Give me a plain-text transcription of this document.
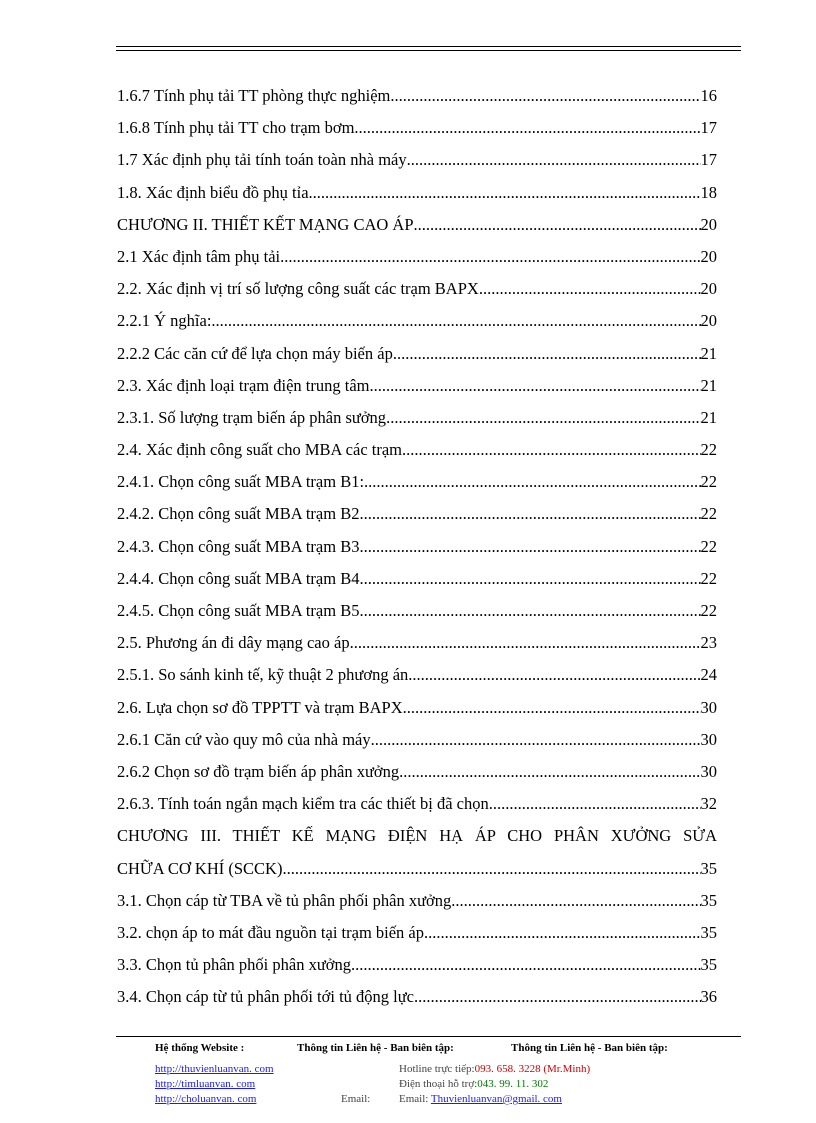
1.6.7 Tính phụ tải TT phòng thực nghiệm .....	16
1.6.8 Tính phụ tải TT cho trạm bơm .....	17
1.7 Xác định phụ tải tính toán toàn nhà máy .....	17
1.8. Xác định biểu đồ phụ tỉa .....	18
CHƯƠNG II. THIẾT KẾT MẠNG CAO ÁP .....	20
2.1 Xác định tâm phụ tải .....	20
2.2. Xác định vị trí số lượng công suất các trạm BAPX .....	20
2.2.1 Ý nghĩa: .....	20
2.2.2 Các căn cứ để lựa chọn máy biến áp .....	21
2.3. Xác định loại trạm điện trung tâm .....	21
2.3.1. Số lượng trạm biến áp phân sưởng .....	21
2.4. Xác định công suất cho MBA các trạm .....	22
2.4.1. Chọn công suất MBA trạm B1: .....	22
2.4.2. Chọn công suất MBA trạm B2 .....	22
2.4.3. Chọn công suất MBA trạm B3 .....	22
2.4.4. Chọn công suất MBA trạm B4 .....	22
2.4.5. Chọn công suất MBA trạm B5 .....	22
2.5. Phương án đi dây mạng cao áp .....	23
2.5.1. So sánh kinh tế, kỹ thuật 2 phương án .....	24
2.6. Lựa chọn sơ đồ TPPTT và trạm BAPX .....	30
2.6.1 Căn cứ vào quy mô của nhà máy .....	30
2.6.2 Chọn sơ đồ trạm biến áp phân xưởng .....	30
2.6.3. Tính toán ngắn mạch kiểm tra các thiết bị đã chọn .....	32
CHƯƠNG III. THIẾT KẾ MẠNG ĐIỆN HẠ ÁP CHO PHÂN XƯỞNG SỬA
CHỮA CƠ KHÍ (SCCK) .....	35
3.1. Chọn cáp từ TBA về tủ phân phối phân xưởng .....	35
3.2. chọn áp to mát đầu nguồn tại trạm biến áp .....	35
3.3. Chọn tủ phân phối phân xưởng .....	35
3.4. Chọn cáp từ tủ phân phối tới tủ động lực .....	36
Hệ thống Website :	Thông tin Liên hệ - Ban biên tập:	Thông tin Liên hệ - Ban biên tập:
http://thuvienluanvan. com
http://timluanvan. com
http://choluanvan. com	Email:
Hotline trực tiếp:093. 658. 3228 (Mr.Minh)
Điện thoại hỗ trợ:043. 99. 11. 302
Email: Thuvienluanvan@gmail. com
